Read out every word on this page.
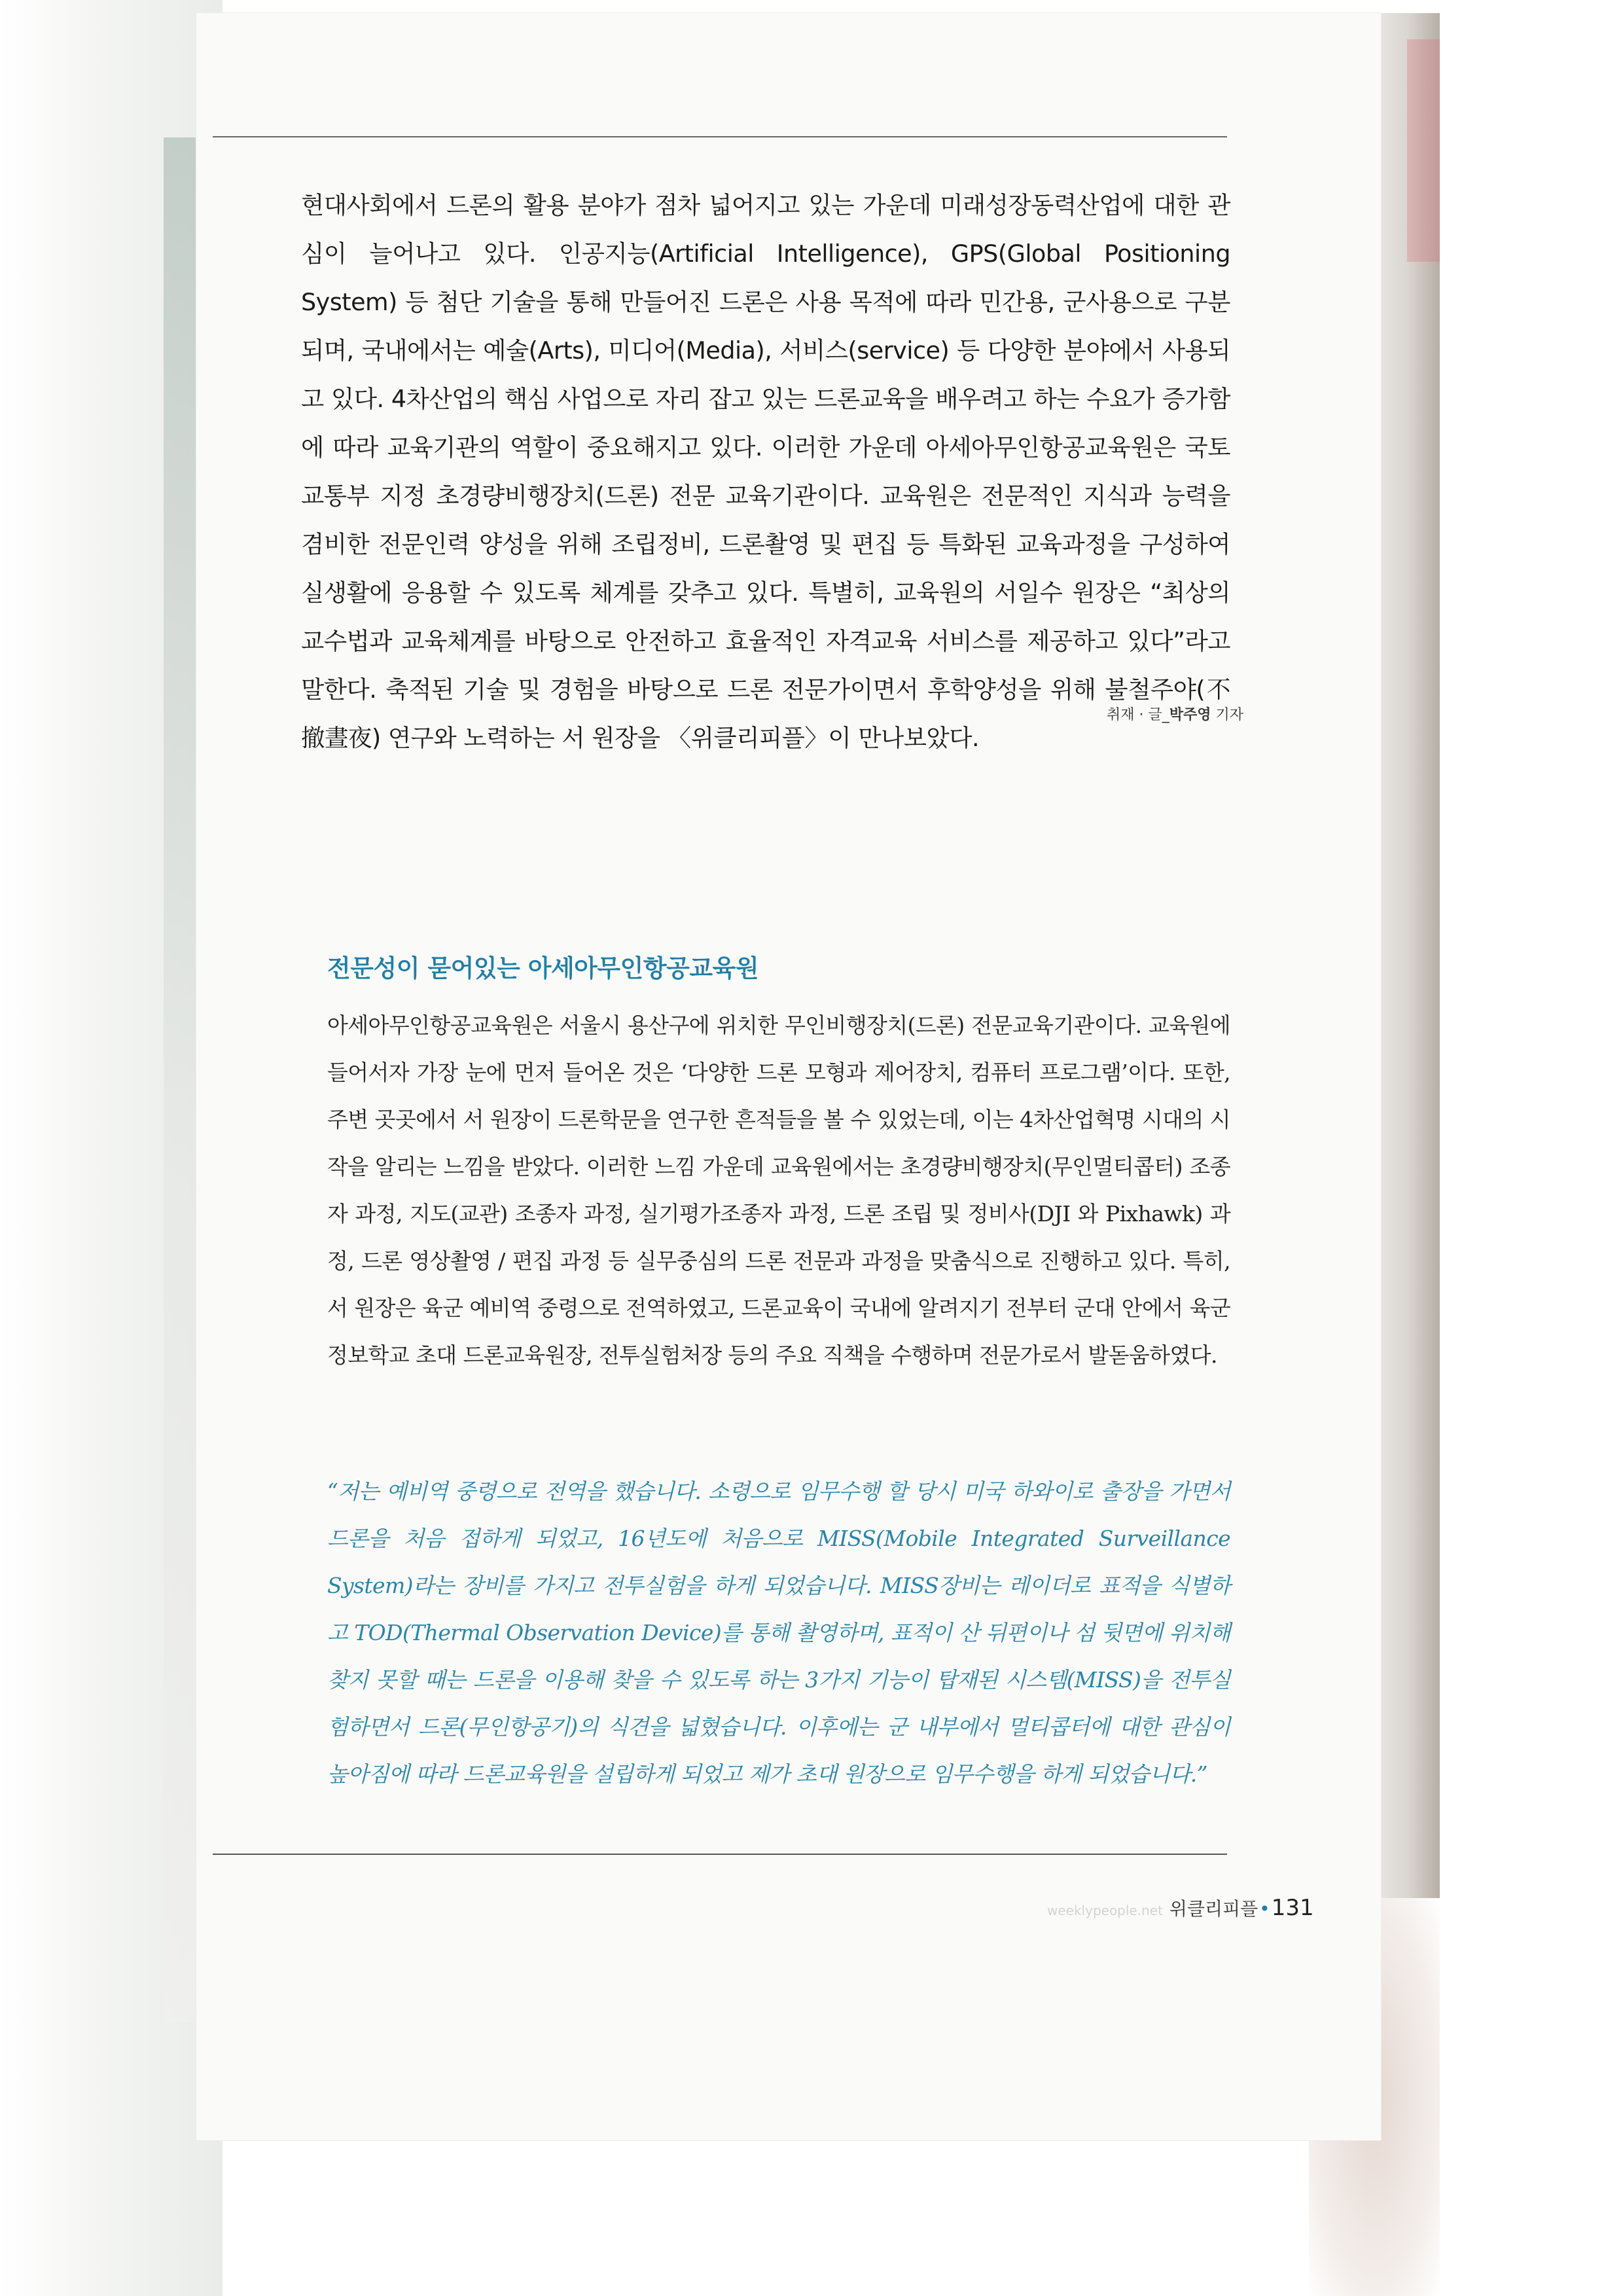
현대사회에서 드론의 활용 분야가 점차 넓어지고 있는 가운데 미래성장동력산업에 대한 관심이 늘어나고 있다. 인공지능(Artificial Intelligence), GPS(Global Positioning System) 등 첨단 기술을 통해 만들어진 드론은 사용 목적에 따라 민간용, 군사용으로 구분되며, 국내에서는 예술(Arts), 미디어(Media), 서비스(service) 등 다양한 분야에서 사용되고 있다. 4차산업의 핵심 사업으로 자리 잡고 있는 드론교육을 배우려고 하는 수요가 증가함에 따라 교육기관의 역할이 중요해지고 있다. 이러한 가운데 아세아무인항공교육원은 국토교통부 지정 초경량비행장치(드론) 전문 교육기관이다. 교육원은 전문적인 지식과 능력을 겸비한 전문인력 양성을 위해 조립정비, 드론촬영 및 편집 등 특화된 교육과정을 구성하여 실생활에 응용할 수 있도록 체계를 갖추고 있다. 특별히, 교육원의 서일수 원장은 “최상의 교수법과 교육체계를 바탕으로 안전하고 효율적인 자격교육 서비스를 제공하고 있다”라고 말한다. 축적된 기술 및 경험을 바탕으로 드론 전문가이면서 후학양성을 위해 불철주야(不撤晝夜) 연구와 노력하는 서 원장을 〈위클리피플〉이 만나보았다.

취재 · 글_박주영 기자
전문성이 묻어있는 아세아무인항공교육원

아세아무인항공교육원은 서울시 용산구에 위치한 무인비행장치(드론) 전문교육기관이다. 교육원에 들어서자 가장 눈에 먼저 들어온 것은 ‘다양한 드론 모형과 제어장치, 컴퓨터 프로그램’이다. 또한, 주변 곳곳에서 서 원장이 드론학문을 연구한 흔적들을 볼 수 있었는데, 이는 4차산업혁명 시대의 시작을 알리는 느낌을 받았다. 이러한 느낌 가운데 교육원에서는 초경량비행장치(무인멀티콥터) 조종자 과정, 지도(교관) 조종자 과정, 실기평가조종자 과정, 드론 조립 및 정비사(DJI 와 Pixhawk) 과정, 드론 영상촬영 / 편집 과정 등 실무중심의 드론 전문과 과정을 맞춤식으로 진행하고 있다. 특히, 서 원장은 육군 예비역 중령으로 전역하였고, 드론교육이 국내에 알려지기 전부터 군대 안에서 육군 정보학교 초대 드론교육원장, 전투실험처장 등의 주요 직책을 수행하며 전문가로서 발돋움하였다.

“저는 예비역 중령으로 전역을 했습니다. 소령으로 임무수행 할 당시 미국 하와이로 출장을 가면서 드론을 처음 접하게 되었고, 16년도에 처음으로 MISS(Mobile Integrated Surveillance System)라는 장비를 가지고 전투실험을 하게 되었습니다. MISS장비는 레이더로 표적을 식별하고 TOD(Thermal Observation Device)를 통해 촬영하며, 표적이 산 뒤편이나 섬 뒷면에 위치해 찾지 못할 때는 드론을 이용해 찾을 수 있도록 하는 3가지 기능이 탑재된 시스템(MISS)을 전투실험하면서 드론(무인항공기)의 식견을 넓혔습니다. 이후에는 군 내부에서 멀티콥터에 대한 관심이 높아짐에 따라 드론교육원을 설립하게 되었고 제가 초대 원장으로 임무수행을 하게 되었습니다.”

weeklypeople.net 위클리피플•131
